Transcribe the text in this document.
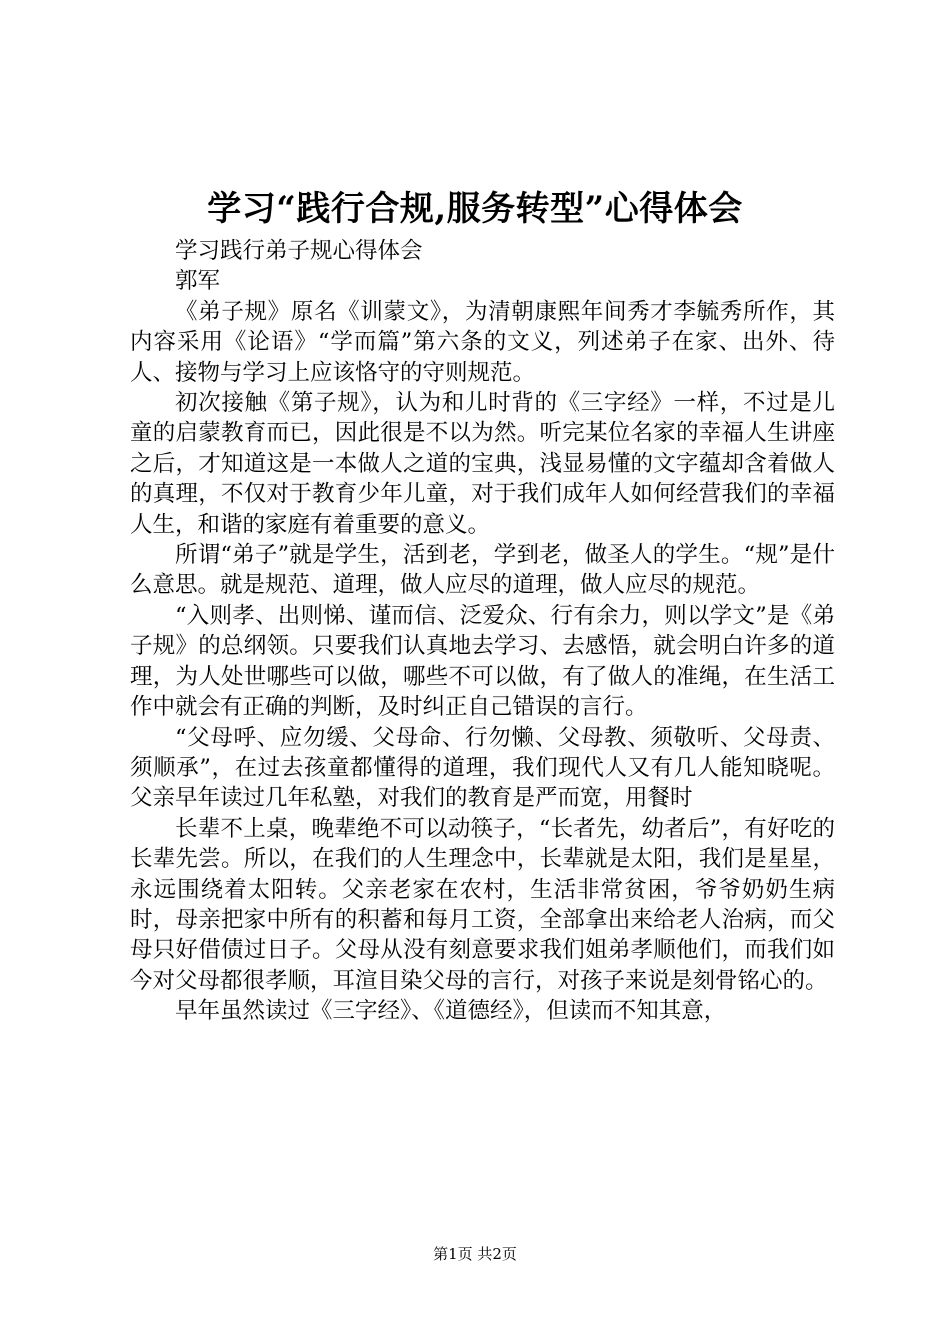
学习“践行合规,服务转型”心得体会

学习践行弟子规心得体会

郭军

《弟子规》原名《训蒙文》，为清朝康熙年间秀才李毓秀所作，其内容采用《论语》“学而篇”第六条的文义，列述弟子在家、出外、待人、接物与学习上应该恪守的守则规范。

初次接触《第子规》，认为和儿时背的《三字经》一样，不过是儿童的启蒙教育而已，因此很是不以为然。听完某位名家的幸福人生讲座之后，才知道这是一本做人之道的宝典，浅显易懂的文字蕴却含着做人的真理，不仅对于教育少年儿童，对于我们成年人如何经营我们的幸福人生，和谐的家庭有着重要的意义。

所谓“弟子”就是学生，活到老，学到老，做圣人的学生。“规”是什么意思。就是规范、道理，做人应尽的道理，做人应尽的规范。

“入则孝、出则悌、谨而信、泛爱众、行有余力，则以学文”是《弟子规》的总纲领。只要我们认真地去学习、去感悟，就会明白许多的道理，为人处世哪些可以做，哪些不可以做，有了做人的准绳，在生活工作中就会有正确的判断，及时纠正自己错误的言行。

“父母呼、应勿缓、父母命、行勿懒、父母教、须敬听、父母责、须顺承”，在过去孩童都懂得的道理，我们现代人又有几人能知晓呢。父亲早年读过几年私塾，对我们的教育是严而宽，用餐时

长辈不上桌，晚辈绝不可以动筷子，“长者先，幼者后”，有好吃的长辈先尝。所以，在我们的人生理念中，长辈就是太阳，我们是星星，永远围绕着太阳转。父亲老家在农村，生活非常贫困，爷爷奶奶生病时，母亲把家中所有的积蓄和每月工资，全部拿出来给老人治病，而父母只好借债过日子。父母从没有刻意要求我们姐弟孝顺他们，而我们如今对父母都很孝顺，耳渲目染父母的言行，对孩子来说是刻骨铭心的。

早年虽然读过《三字经》、《道德经》，但读而不知其意，

第1页 共2页
